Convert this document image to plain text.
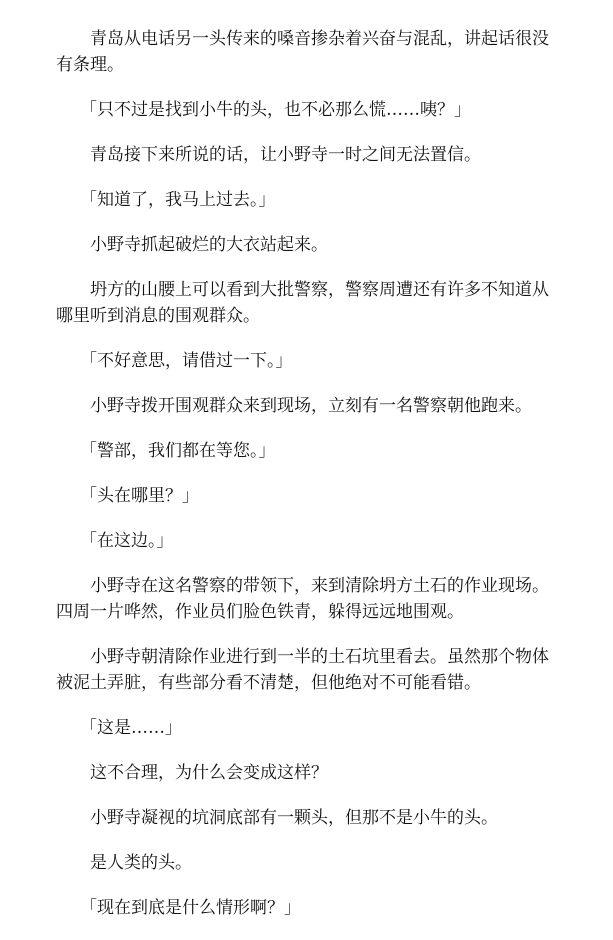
青岛从电话另一头传来的嗓音掺杂着兴奋与混乱，讲起话很没有条理。

「只不过是找到小牛的头，也不必那么慌……咦？」

青岛接下来所说的话，让小野寺一时之间无法置信。

「知道了，我马上过去。」

小野寺抓起破烂的大衣站起来。

坍方的山腰上可以看到大批警察，警察周遭还有许多不知道从哪里听到消息的围观群众。

「不好意思，请借过一下。」

小野寺拨开围观群众来到现场，立刻有一名警察朝他跑来。

「警部，我们都在等您。」

「头在哪里？」

「在这边。」

小野寺在这名警察的带领下，来到清除坍方土石的作业现场。四周一片哗然，作业员们脸色铁青，躲得远远地围观。

小野寺朝清除作业进行到一半的土石坑里看去。虽然那个物体被泥土弄脏，有些部分看不清楚，但他绝对不可能看错。

「这是……」

这不合理，为什么会变成这样？

小野寺凝视的坑洞底部有一颗头，但那不是小牛的头。

是人类的头。

「现在到底是什么情形啊？」
